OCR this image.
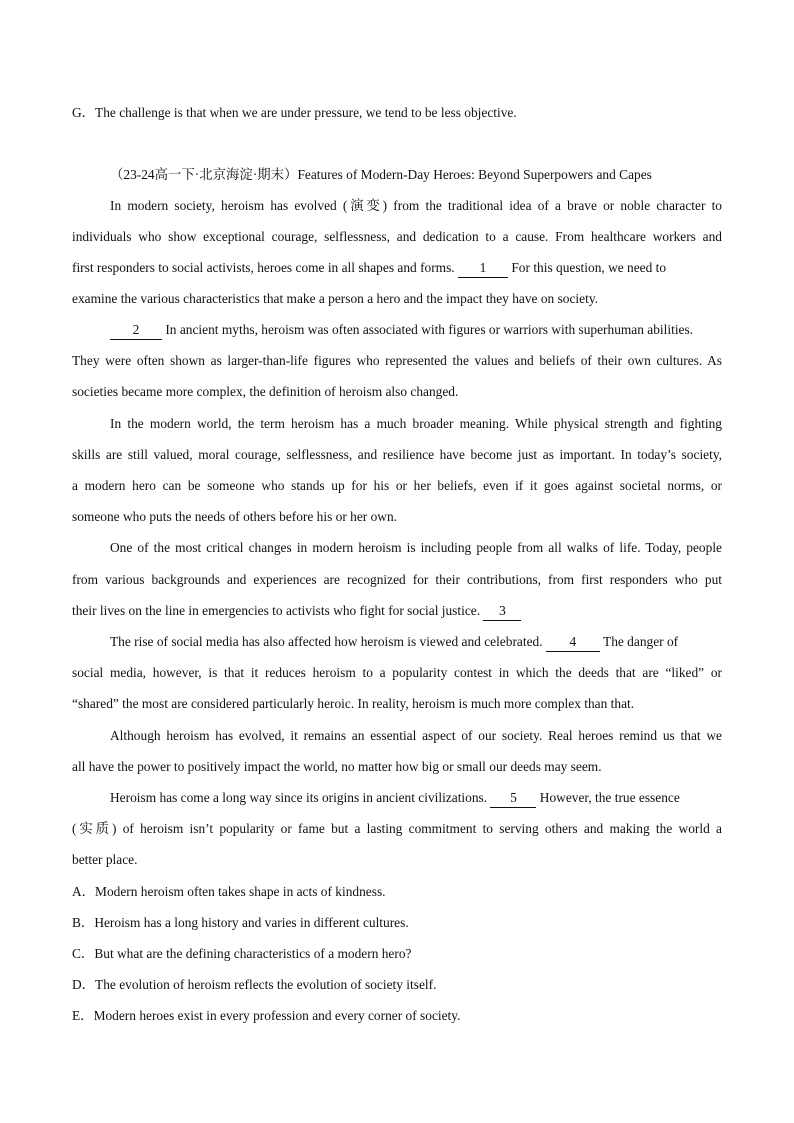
G．The challenge is that when we are under pressure, we tend to be less objective.
（23-24高一下·北京海淀·期末）Features of Modern-Day Heroes: Beyond Superpowers and Capes
In modern society, heroism has evolved (演变) from the traditional idea of a brave or noble character to
individuals who show exceptional courage, selflessness, and dedication to a cause. From healthcare workers and
first responders to social activists, heroes come in all shapes and forms. 1 For this question, we need to
examine the various characteristics that make a person a hero and the impact they have on society.
2 In ancient myths, heroism was often associated with figures or warriors with superhuman abilities.
They were often shown as larger-than-life figures who represented the values and beliefs of their own cultures. As
societies became more complex, the definition of heroism also changed.
In the modern world, the term heroism has a much broader meaning. While physical strength and fighting
skills are still valued, moral courage, selflessness, and resilience have become just as important. In today’s society,
a modern hero can be someone who stands up for his or her beliefs, even if it goes against societal norms, or
someone who puts the needs of others before his or her own.
One of the most critical changes in modern heroism is including people from all walks of life. Today, people
from various backgrounds and experiences are recognized for their contributions, from first responders who put
their lives on the line in emergencies to activists who fight for social justice. 3
The rise of social media has also affected how heroism is viewed and celebrated. 4 The danger of
social media, however, is that it reduces heroism to a popularity contest in which the deeds that are “liked” or
“shared” the most are considered particularly heroic. In reality, heroism is much more complex than that.
Although heroism has evolved, it remains an essential aspect of our society. Real heroes remind us that we
all have the power to positively impact the world, no matter how big or small our deeds may seem.
Heroism has come a long way since its origins in ancient civilizations. 5 However, the true essence
(实质) of heroism isn’t popularity or fame but a lasting commitment to serving others and making the world a
better place.
A．Modern heroism often takes shape in acts of kindness.
B．Heroism has a long history and varies in different cultures.
C．But what are the defining characteristics of a modern hero?
D．The evolution of heroism reflects the evolution of society itself.
E．Modern heroes exist in every profession and every corner of society.
